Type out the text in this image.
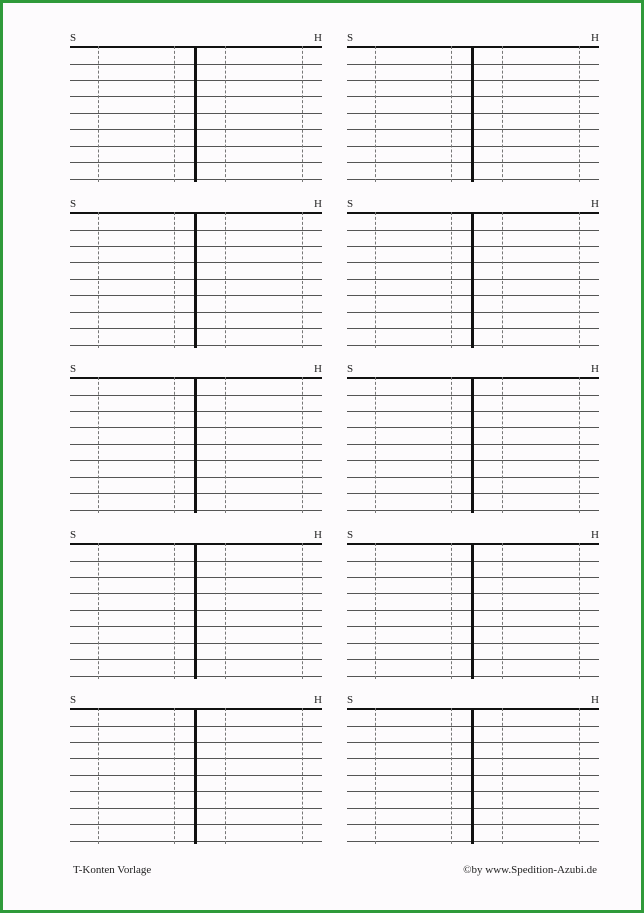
S	H S	H
S	H S	H
S	H S	H
S	H S	H
S	H S	H
T-Konten Vorlage	©by www.Spedition-Azubi.de
